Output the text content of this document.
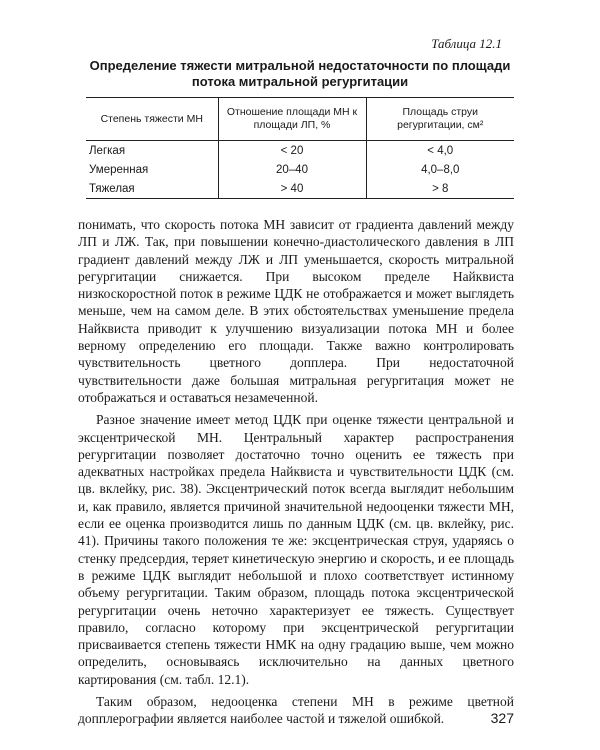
Таблица 12.1
Определение тяжести митральной недостаточности по площади
потока митральной регургитации
Степень тяжести МН	Отношение площади МН к площади ЛП, %	Площадь струи регургитации, см²
Легкая	< 20	< 4,0
Умеренная	20–40	4,0–8,0
Тяжелая	> 40	> 8

понимать, что скорость потока МН зависит от градиента давлений между ЛП и ЛЖ. Так, при повышении конечно-диастолического давления в ЛП градиент давлений между ЛЖ и ЛП уменьшается, скорость митральной регургитации снижается. При высоком пределе Найквиста низкоскоростной поток в режиме ЦДК не отображается и может выглядеть меньше, чем на самом деле. В этих обстоятельствах уменьшение предела Найквиста приводит к улучшению визуализации потока МН и более верному определению его площади. Также важно контролировать чувствительность цветного допплера. При недостаточной чувствительности даже большая митральная регургитация может не отображаться и оставаться незамеченной.

Разное значение имеет метод ЦДК при оценке тяжести центральной и эксцентрической МН. Центральный характер распространения регургитации позволяет достаточно точно оценить ее тяжесть при адекватных настройках предела Найквиста и чувствительности ЦДК (см. цв. вклейку, рис. 38). Эксцентрический поток всегда выглядит небольшим и, как правило, является причиной значительной недооценки тяжести МН, если ее оценка производится лишь по данным ЦДК (см. цв. вклейку, рис. 41). Причины такого положения те же: эксцентрическая струя, ударяясь о стенку предсердия, теряет кинетическую энергию и скорость, и ее площадь в режиме ЦДК выглядит небольшой и плохо соответствует истинному объему регургитации. Таким образом, площадь потока эксцентрической регургитации очень неточно характеризует ее тяжесть. Существует правило, согласно которому при эксцентрической регургитации присваивается степень тяжести НМК на одну градацию выше, чем можно определить, основываясь исключительно на данных цветного картирования (см. табл. 12.1).

Таким образом, недооценка степени МН в режиме цветной допплерографии является наиболее частой и тяжелой ошибкой.	327
